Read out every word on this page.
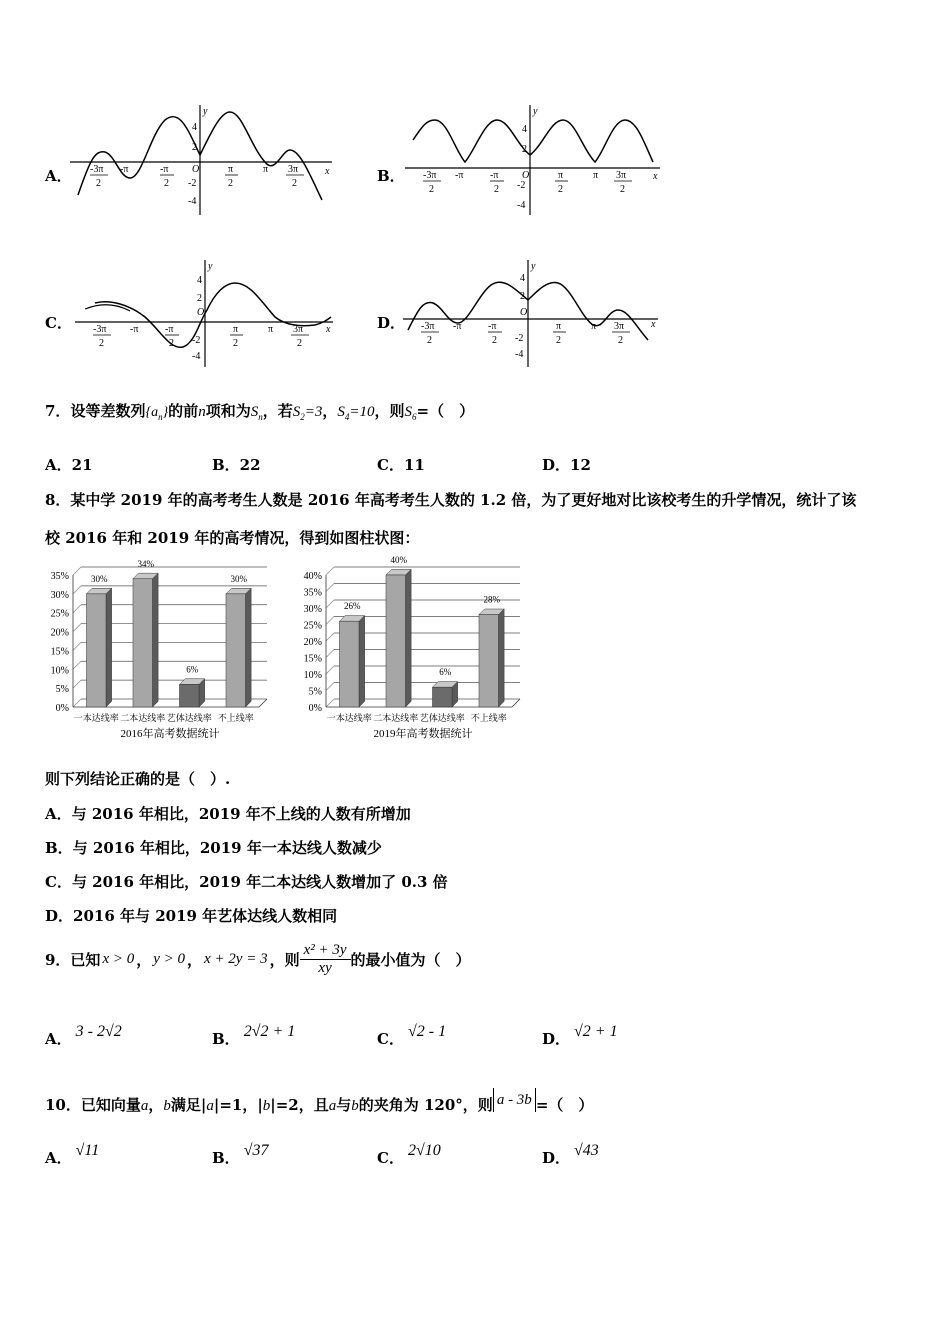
A．
y
x
4
2
-2
-4
O
-3π
2
-π	-π
2
π
2
π 3π
2	B．
y
x
4
2
-2
-4
O
-3π
2
-π	-π
2
π
2
π 3π
2
C．
y
x
4
2
-2
-4
O
-3π
2
-π	-π
2
π
2
π 3π
2
D．
y
x
4
2
-2
-4
O
-3π
2
-π	-π
2
π
2
π 3π
2
7．设等差数列$\{a_n\}$的前n项和为$S_n$，若$S_2=3$，$S_4=10$，则$S_6=$（　）
A．21	B．22	C．11	D．12
8．某中学 2019 年的高考考生人数是 2016 年高考考生人数的 1.2 倍，为了更好地对比该校考生的升学情况，统计了该
校 2016 年和 2019 年的高考情况，得到如图柱状图：
0%
5%
10%
15%
20%
25%
30%
35% 30%
一本达线率
34%
二本达线率
6%
艺体达线率
30%
不上线率
2016年高考数据统计
0%
5%
10%
15%
20%
25%
30%
35%
40%
26%
一本达线率
40%
二本达线率
6%
艺体达线率
28%
不上线率
2019年高考数据统计
则下列结论正确的是（　）.
A．与 2016 年相比，2019 年不上线的人数有所增加
B．与 2016 年相比，2019 年一本达线人数减少
C．与 2016 年相比，2019 年二本达线人数增加了 0.3 倍
D．2016 年与 2019 年艺体达线人数相同
9．已知 x > 0 ， y > 0 ， x + 2y = 3 ，则 $\frac{\text{x² + 3y}}{xy}$ 的最小值为（　）
A． 3 - 2√2	B． 2√2 + 1	C． √2 - 1	D． √2 + 1
10．已知向量a，b满足|a|=1，|b|=2，且a与b的夹角为 120°，则 a - 3b =（　）
A． √11	B． √37	C． 2√10	D． √43
